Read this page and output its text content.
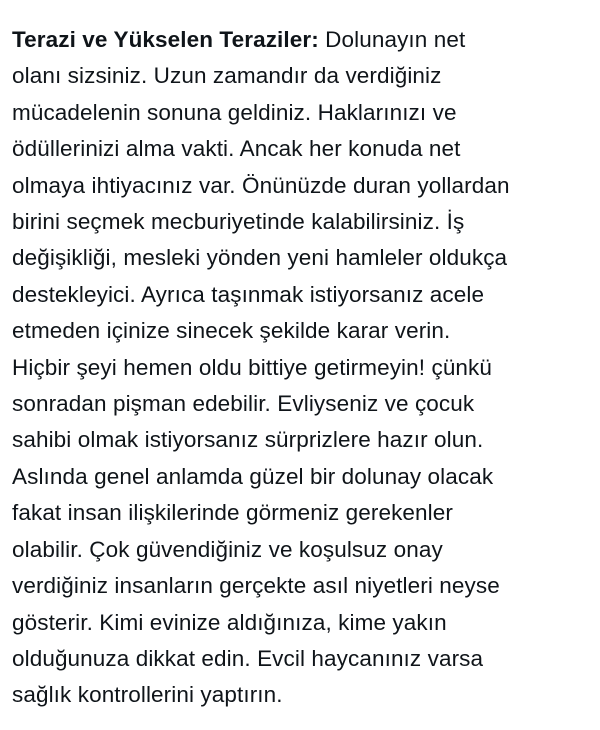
Terazi ve Yükselen Teraziler: Dolunayın net
olanı sizsiniz. Uzun zamandır da verdiğiniz
mücadelenin sonuna geldiniz. Haklarınızı ve
ödüllerinizi alma vakti. Ancak her konuda net
olmaya ihtiyacınız var. Önünüzde duran yollardan
birini seçmek mecburiyetinde kalabilirsiniz. İş
değişikliği, mesleki yönden yeni hamleler oldukça
destekleyici. Ayrıca taşınmak istiyorsanız acele
etmeden içinize sinecek şekilde karar verin.
Hiçbir şeyi hemen oldu bittiye getirmeyin! çünkü
sonradan pişman edebilir. Evliyseniz ve çocuk
sahibi olmak istiyorsanız sürprizlere hazır olun.
Aslında genel anlamda güzel bir dolunay olacak
fakat insan ilişkilerinde görmeniz gerekenler
olabilir. Çok güvendiğiniz ve koşulsuz onay
verdiğiniz insanların gerçekte asıl niyetleri neyse
gösterir. Kimi evinize aldığınıza, kime yakın
olduğunuza dikkat edin. Evcil haycanınız varsa
sağlık kontrollerini yaptırın.
